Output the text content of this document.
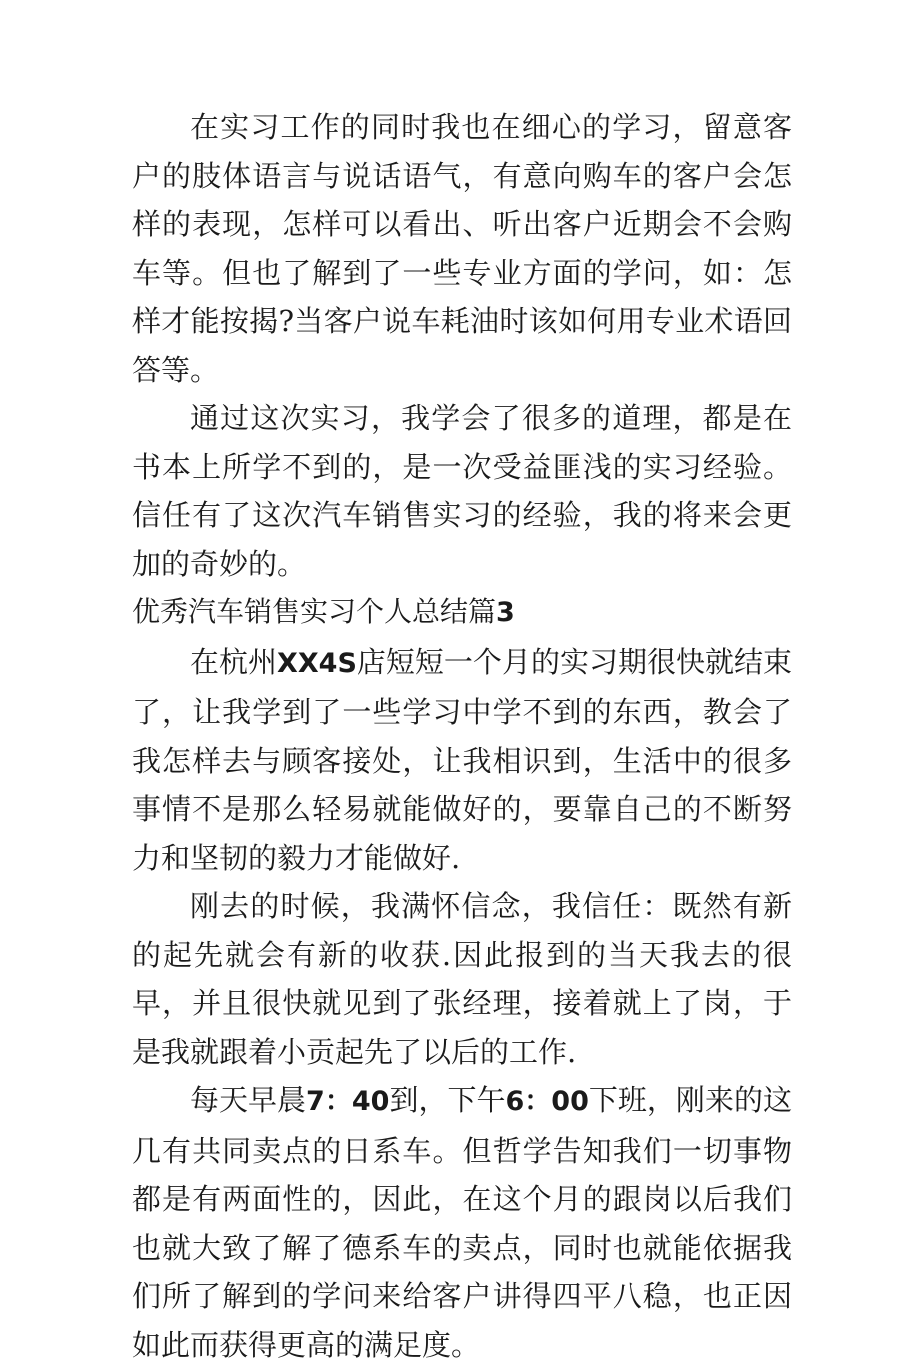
在实习工作的同时我也在细心的学习，留意客户的肢体语言与说话语气，有意向购车的客户会怎样的表现，怎样可以看出、听出客户近期会不会购车等。但也了解到了一些专业方面的学问，如：怎样才能按揭?当客户说车耗油时该如何用专业术语回答等。

通过这次实习，我学会了很多的道理，都是在书本上所学不到的，是一次受益匪浅的实习经验。信任有了这次汽车销售实习的经验，我的将来会更加的奇妙的。

优秀汽车销售实习个人总结篇3

在杭州XX4S店短短一个月的实习期很快就结束了，让我学到了一些学习中学不到的东西，教会了我怎样去与顾客接处，让我相识到，生活中的很多事情不是那么轻易就能做好的，要靠自己的不断努力和坚韧的毅力才能做好.

刚去的时候，我满怀信念，我信任：既然有新的起先就会有新的收获.因此报到的当天我去的很早，并且很快就见到了张经理，接着就上了岗，于是我就跟着小贡起先了以后的工作.

每天早晨7：40到，下午6：00下班，刚来的这几有共同卖点的日系车。但哲学告知我们一切事物都是有两面性的，因此，在这个月的跟岗以后我们也就大致了解了德系车的卖点，同时也就能依据我们所了解到的学问来给客户讲得四平八稳，也正因如此而获得更高的满足度。
